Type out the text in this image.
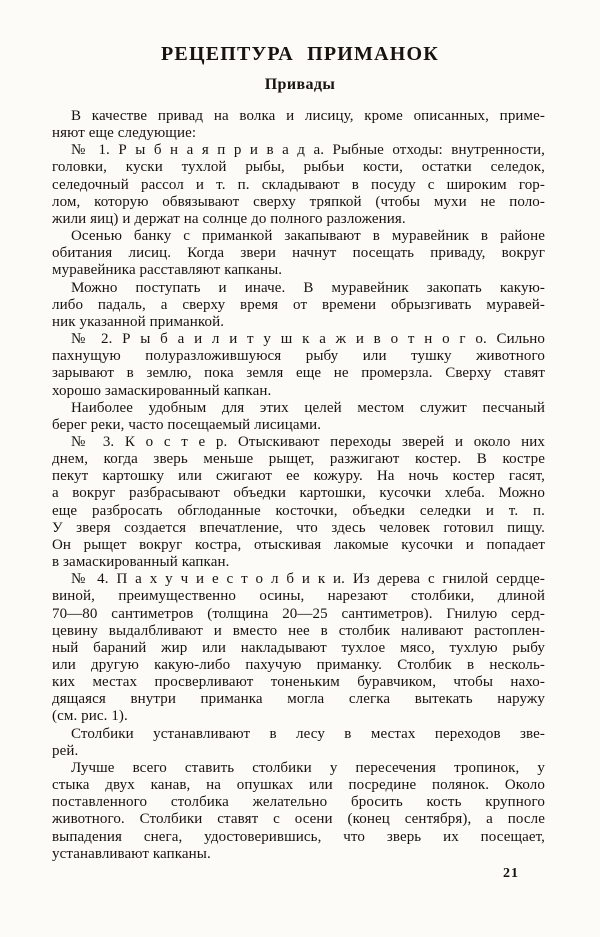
РЕЦЕПТУРА ПРИМАНОК
Привады
В качестве привад на волка и лисицу, кроме описанных, приме-
няют еще следующие:
№ 1. Р ы б н а я п р и в а д а. Рыбные отходы: внутренности,
головки, куски тухлой рыбы, рыбьи кости, остатки селедок,
селедочный рассол и т. п. складывают в посуду с широким гор-
лом, которую обвязывают сверху тряпкой (чтобы мухи не поло-
жили яиц) и держат на солнце до полного разложения.
Осенью банку с приманкой закапывают в муравейник в районе
обитания лисиц. Когда звери начнут посещать приваду, вокруг
муравейника расставляют капканы.
Можно поступать и иначе. В муравейник закопать какую-
либо падаль, а сверху время от времени обрызгивать муравей-
ник указанной приманкой.
№ 2. Р ы б а и л и т у ш к а ж и в о т н о г о. Сильно
пахнущую полуразложившуюся рыбу или тушку животного
зарывают в землю, пока земля еще не промерзла. Сверху ставят
хорошо замаскированный капкан.
Наиболее удобным для этих целей местом служит песчаный
берег реки, часто посещаемый лисицами.
№ 3. К о с т е р. Отыскивают переходы зверей и около них
днем, когда зверь меньше рыщет, разжигают костер. В костре
пекут картошку или сжигают ее кожуру. На ночь костер гасят,
а вокруг разбрасывают объедки картошки, кусочки хлеба. Можно
еще разбросать обглоданные косточки, объедки селедки и т. п.
У зверя создается впечатление, что здесь человек готовил пищу.
Он рыщет вокруг костра, отыскивая лакомые кусочки и попадает
в замаскированный капкан.
№ 4. П а х у ч и е с т о л б и к и. Из дерева с гнилой сердце-
виной, преимущественно осины, нарезают столбики, длиной
70—80 сантиметров (толщина 20—25 сантиметров). Гнилую серд-
цевину выдалбливают и вместо нее в столбик наливают растоплен-
ный бараний жир или накладывают тухлое мясо, тухлую рыбу
или другую какую-либо пахучую приманку. Столбик в несколь-
ких местах просверливают тоненьким буравчиком, чтобы нахо-
дящаяся внутри приманка могла слегка вытекать наружу
(см. рис. 1).
Столбики устанавливают в лесу в местах переходов зве-
рей.
Лучше всего ставить столбики у пересечения тропинок, у
стыка двух канав, на опушках или посредине полянок. Около
поставленного столбика желательно бросить кость крупного
животного. Столбики ставят с осени (конец сентября), а после
выпадения снега, удостоверившись, что зверь их посещает,
устанавливают капканы.
21
